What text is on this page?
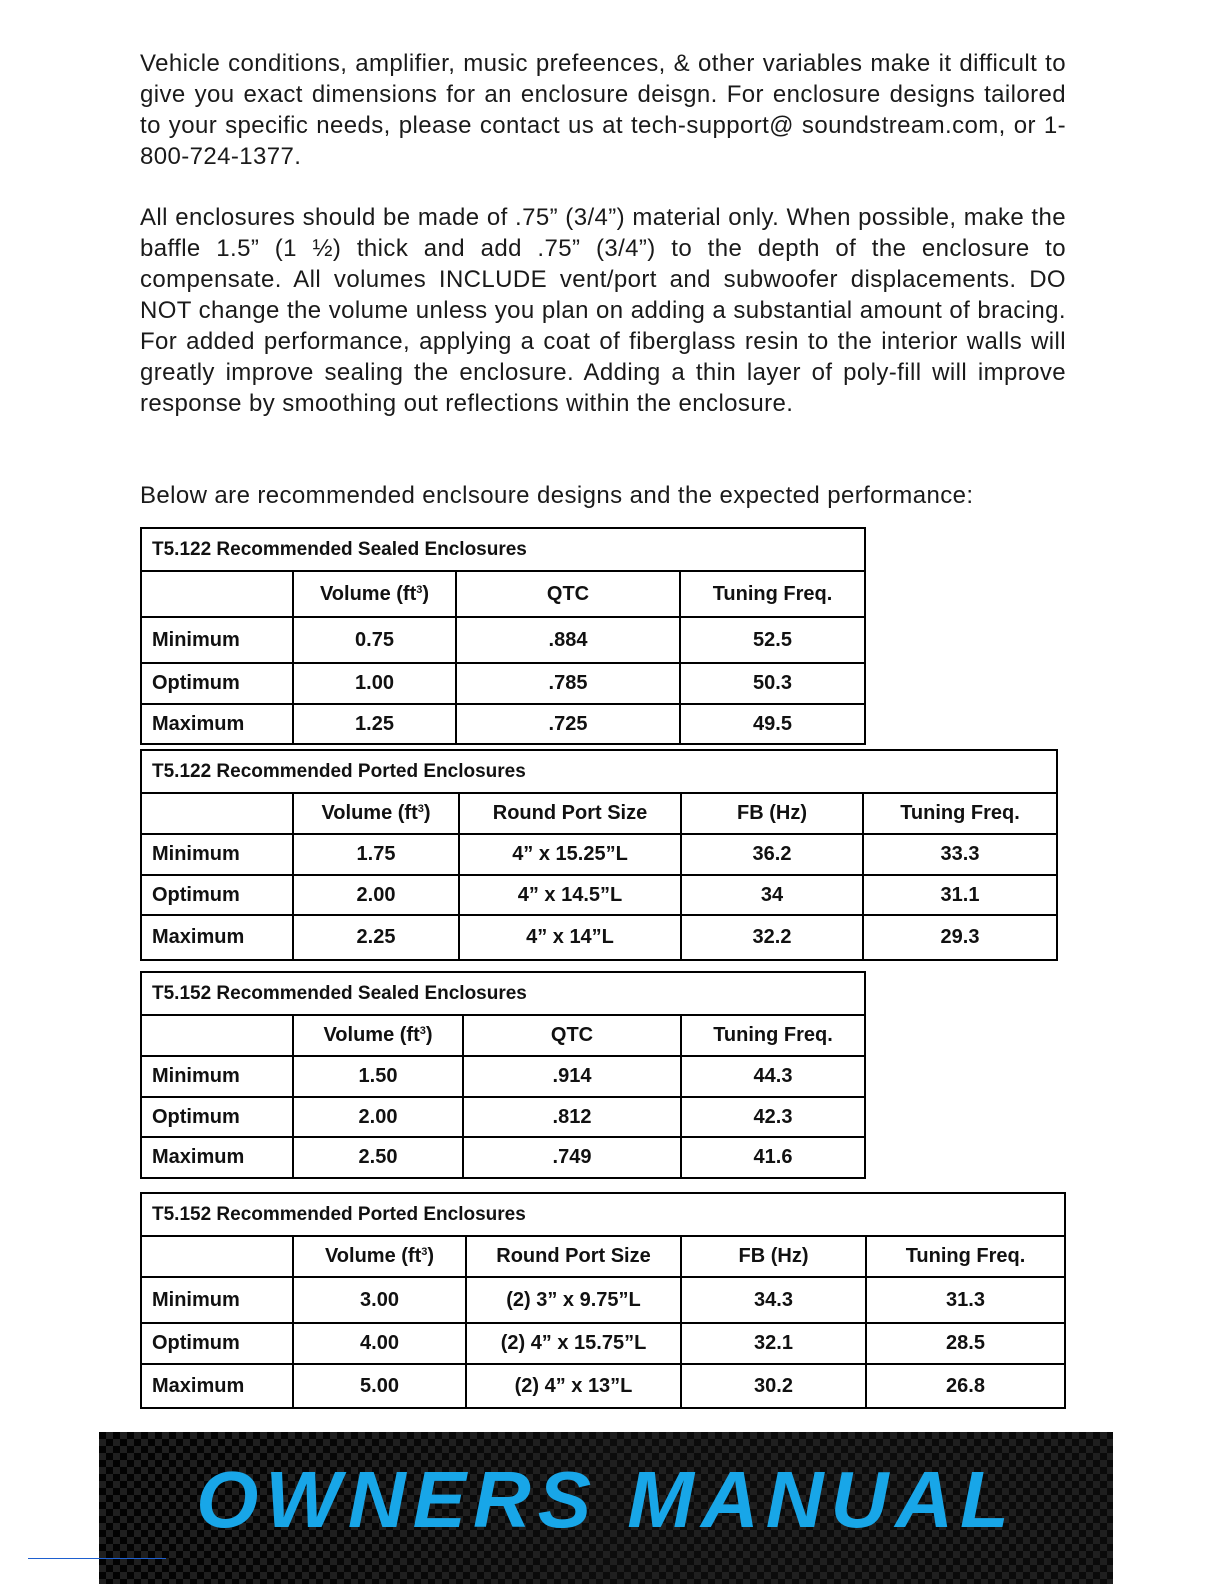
Vehicle conditions, amplifier, music prefeences, & other variables make it difficult to give you exact dimensions for an enclosure deisgn. For enclosure designs tailored to your specific needs, please contact us at tech-support@ soundstream.com, or 1-800-724-1377.

All enclosures should be made of .75” (3/4”) material only. When possible, make the baffle 1.5” (1 ½) thick and add .75” (3/4”) to the depth of the enclosure to compensate. All volumes INCLUDE vent/port and subwoofer displacements. DO NOT change the volume unless you plan on adding a substantial amount of bracing. For added performance, applying a coat of fiberglass resin to the interior walls will greatly improve sealing the enclosure. Adding a thin layer of poly-fill will improve response by smoothing out reflections within the enclosure.

Below are recommended enclsoure designs and the expected performance:

T5.122 Recommended Sealed Enclosures			
	Volume $(ft^3)$	QTC	Tuning Freq.
Minimum	0.75	.884	52.5
Optimum	1.00	.785	50.3
Maximum	1.25	.725	49.5
T5.122 Recommended Ported Enclosures				
	Volume $(ft^3)$	Round Port Size	FB (Hz)	Tuning Freq.
Minimum	1.75	4” x 15.25”L	36.2	33.3
Optimum	2.00	4” x 14.5”L	34	31.1
Maximum	2.25	4” x 14”L	32.2	29.3
T5.152 Recommended Sealed Enclosures			
	Volume $(ft^3)$	QTC	Tuning Freq.
Minimum	1.50	.914	44.3
Optimum	2.00	.812	42.3
Maximum	2.50	.749	41.6
T5.152 Recommended Ported Enclosures				
	Volume $(ft^3)$	Round Port Size	FB (Hz)	Tuning Freq.
Minimum	3.00	(2) 3” x 9.75”L	34.3	31.3
Optimum	4.00	(2) 4” x 15.75”L	32.1	28.5
Maximum	5.00	(2) 4” x 13”L	30.2	26.8
OWNERS MANUAL
